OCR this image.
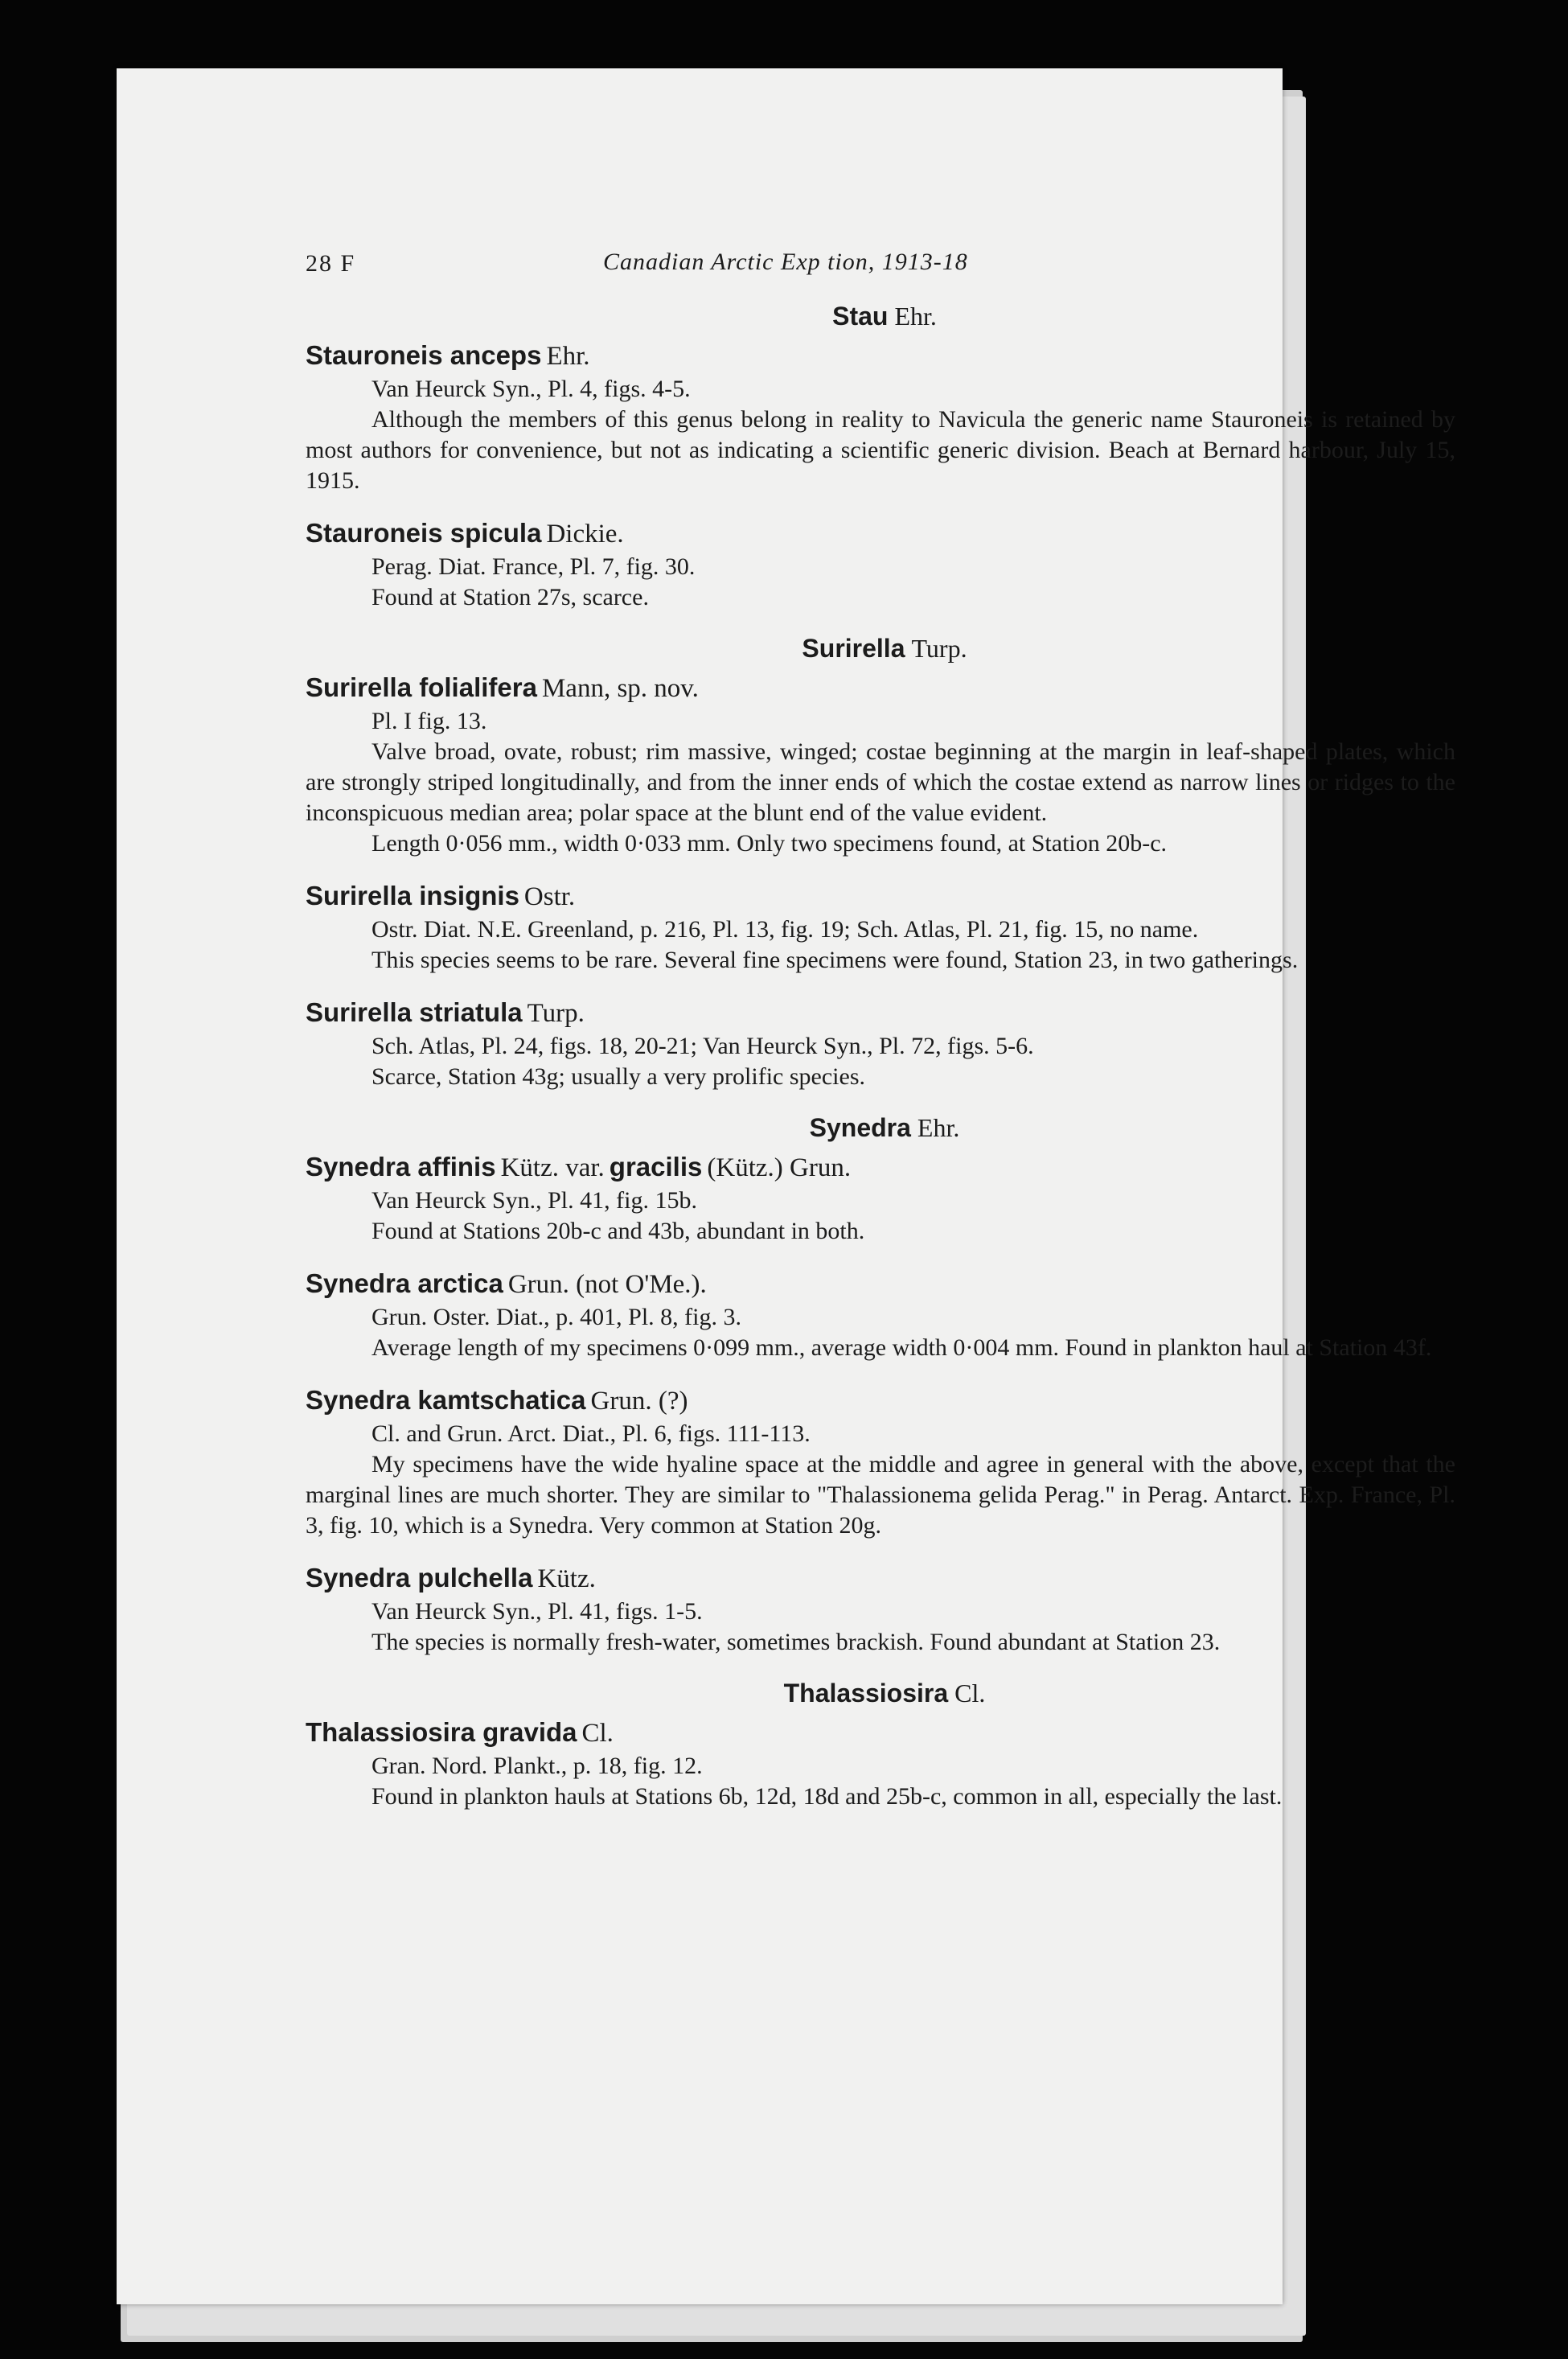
28 F	Canadian Arctic Exp tion, 1913-18
Stau Ehr.
Stauroneis anceps Ehr.
Van Heurck Syn., Pl. 4, figs. 4-5.
Although the members of this genus belong in reality to Navicula the generic name Stauroneis is retained by most authors for convenience, but not as indicating a scientific generic division. Beach at Bernard harbour, July 15, 1915.
Stauroneis spicula Dickie.
Perag. Diat. France, Pl. 7, fig. 30.
Found at Station 27s, scarce.
Surirella Turp.
Surirella folialifera Mann, sp. nov.
Pl. I fig. 13.
Valve broad, ovate, robust; rim massive, winged; costae beginning at the margin in leaf-shaped plates, which are strongly striped longitudinally, and from the inner ends of which the costae extend as narrow lines or ridges to the inconspicuous median area; polar space at the blunt end of the value evident.
Length 0·056 mm., width 0·033 mm. Only two specimens found, at Station 20b-c.
Surirella insignis Ostr.
Ostr. Diat. N.E. Greenland, p. 216, Pl. 13, fig. 19; Sch. Atlas, Pl. 21, fig. 15, no name.
This species seems to be rare. Several fine specimens were found, Station 23, in two gatherings.
Surirella striatula Turp.
Sch. Atlas, Pl. 24, figs. 18, 20-21; Van Heurck Syn., Pl. 72, figs. 5-6.
Scarce, Station 43g; usually a very prolific species.
Synedra Ehr.
Synedra affinis Kütz. var. gracilis (Kütz.) Grun.
Van Heurck Syn., Pl. 41, fig. 15b.
Found at Stations 20b-c and 43b, abundant in both.
Synedra arctica Grun. (not O'Me.).
Grun. Oster. Diat., p. 401, Pl. 8, fig. 3.
Average length of my specimens 0·099 mm., average width 0·004 mm. Found in plankton haul at Station 43f.
Synedra kamtschatica Grun. (?)
Cl. and Grun. Arct. Diat., Pl. 6, figs. 111-113.
My specimens have the wide hyaline space at the middle and agree in general with the above, except that the marginal lines are much shorter. They are similar to "Thalassionema gelida Perag." in Perag. Antarct. Exp. France, Pl. 3, fig. 10, which is a Synedra. Very common at Station 20g.
Synedra pulchella Kütz.
Van Heurck Syn., Pl. 41, figs. 1-5.
The species is normally fresh-water, sometimes brackish. Found abundant at Station 23.
Thalassiosira Cl.
Thalassiosira gravida Cl.
Gran. Nord. Plankt., p. 18, fig. 12.
Found in plankton hauls at Stations 6b, 12d, 18d and 25b-c, common in all, especially the last.
